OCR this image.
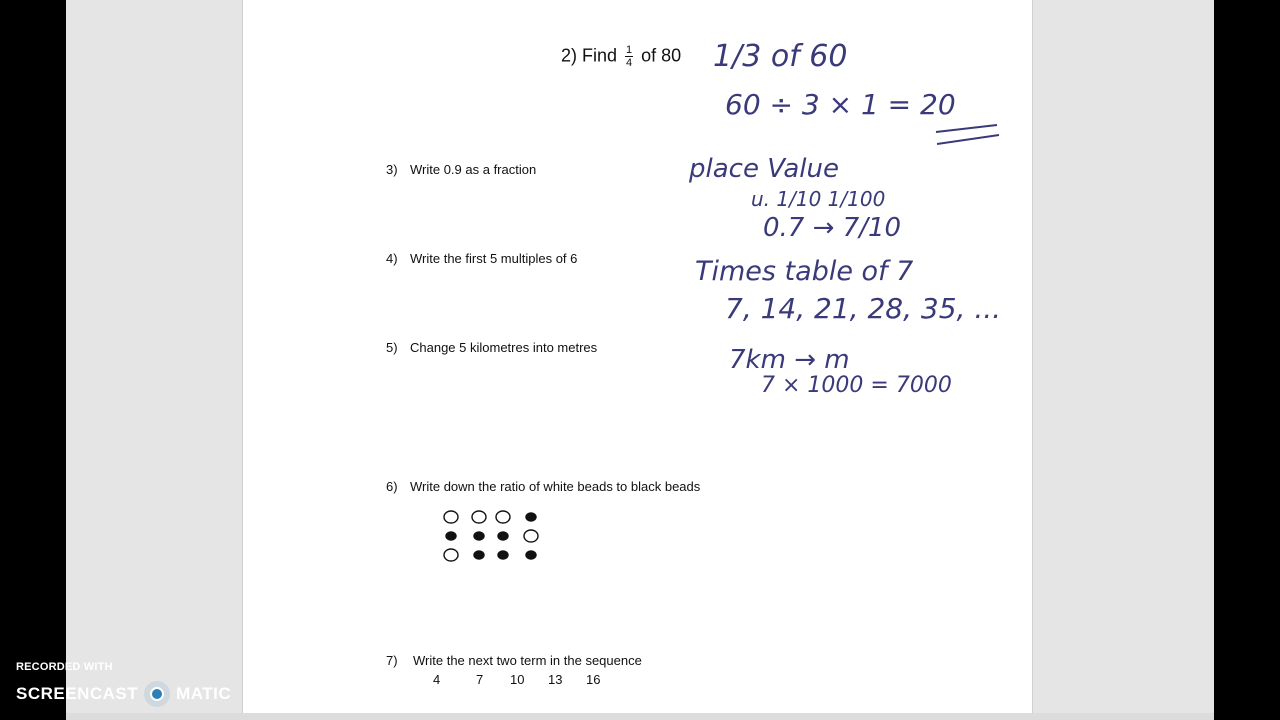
2) Find $\frac{1}{4}$ of 80
3) Write 0.9 as a fraction
4) Write the first 5 multiples of 6
5) Change 5 kilometres into metres
6) Write down the ratio of white beads to black beads
7) Write the next two term in the sequence
4	7 10 13 16
1/3 of 60
60 ÷ 3 × 1 = 20
place Value
u. 1/10 1/100
0.7 → 7/10
Times table of 7
7, 14, 21, 28, 35, ...
7km → m
7 × 1000 = 7000
RECORDED WITH
SCREENCAST MATIC
